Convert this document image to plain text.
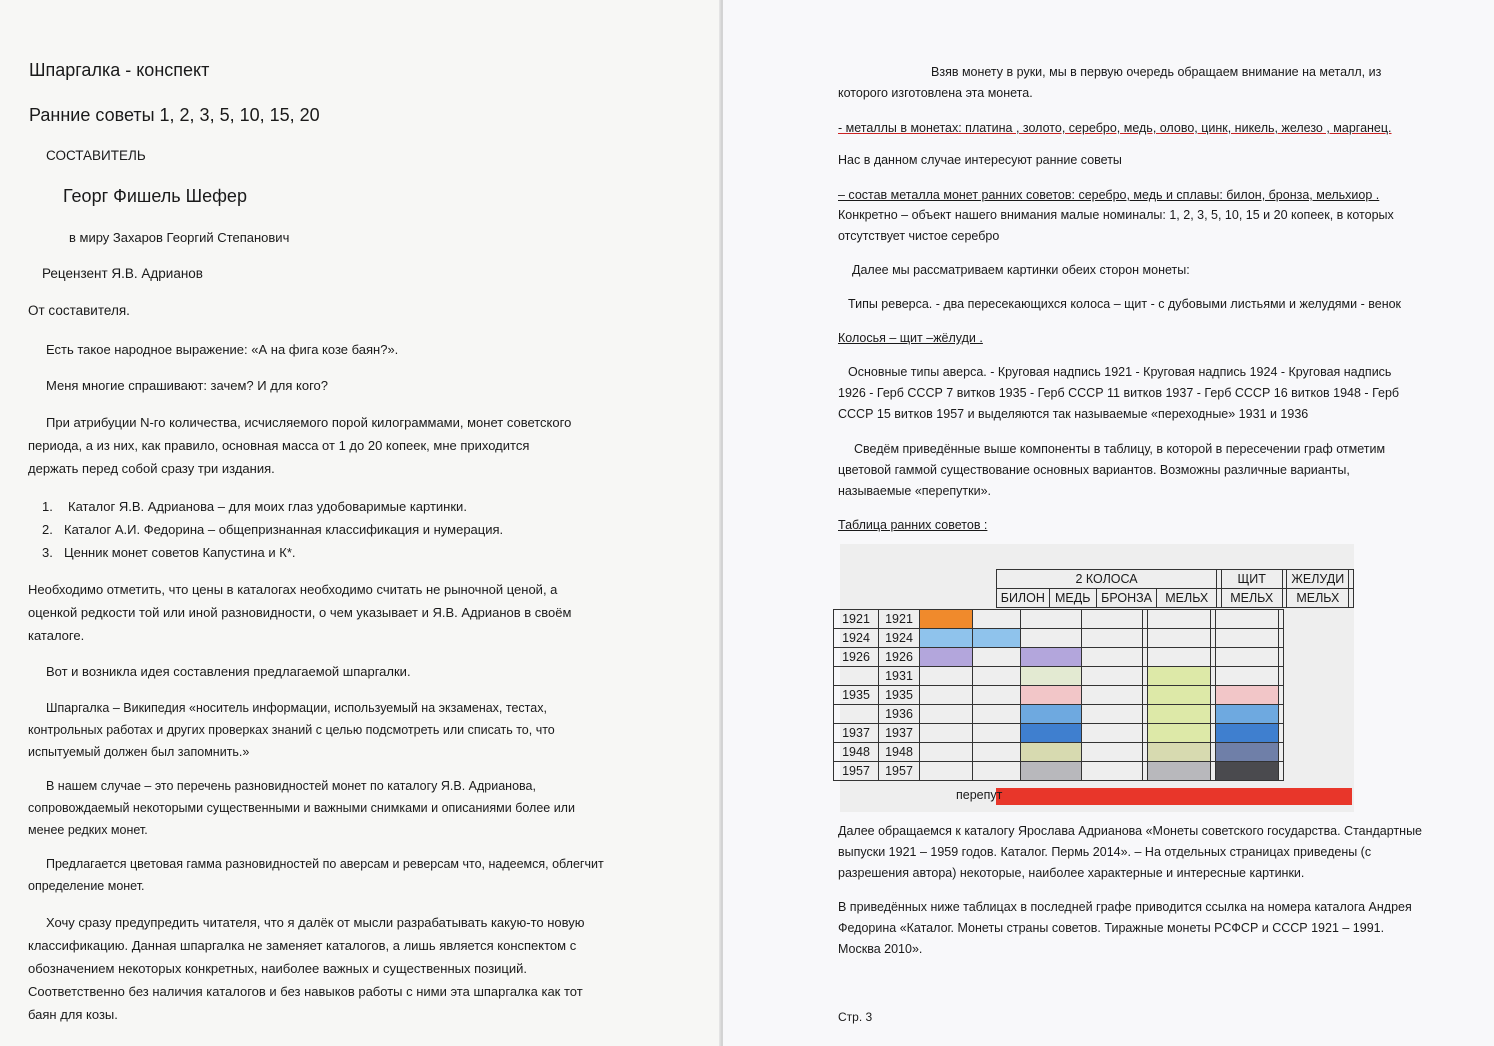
Шпаргалка - конспект
Ранние советы 1, 2, 3, 5, 10, 15, 20
СОСТАВИТЕЛЬ
Георг Фишель Шефер
в миру Захаров Георгий Степанович
Рецензент Я.В. Адрианов
От составителя.
Есть такое народное выражение: «А на фига козе баян?».
Меня многие спрашивают: зачем? И для кого?
При атрибуции N-го количества, исчисляемого порой килограммами, монет советского
периода, а из них, как правило, основная масса от 1 до 20 копеек, мне приходится
держать перед собой сразу три издания.
1. Каталог Я.В. Адрианова – для моих глаз удобоваримые картинки.
2. Каталог А.И. Федорина – общепризнанная классификация и нумерация.
3. Ценник монет советов Капустина и К*.
Необходимо отметить, что цены в каталогах необходимо считать не рыночной ценой, а
оценкой редкости той или иной разновидности, о чем указывает и Я.В. Адрианов в своём
каталоге.
Вот и возникла идея составления предлагаемой шпаргалки.
Шпаргалка – Википедия «носитель информации, используемый на экзаменах, тестах,
контрольных работах и других проверках знаний с целью подсмотреть или списать то, что
испытуемый должен был запомнить.»
В нашем случае – это перечень разновидностей монет по каталогу Я.В. Адрианова,
сопровождаемый некоторыми существенными и важными снимками и описаниями более или
менее редких монет.
Предлагается цветовая гамма разновидностей по аверсам и реверсам что, надеемся, облегчит
определение монет.
Хочу сразу предупредить читателя, что я далёк от мысли разрабатывать какую-то новую
классификацию. Данная шпаргалка не заменяет каталогов, а лишь является конспектом с
обозначением некоторых конкретных, наиболее важных и существенных позиций.
Соответственно без наличия каталогов и без навыков работы с ними эта шпаргалка как тот
баян для козы.
Взяв монету в руки, мы в первую очередь обращаем внимание на металл, из
которого изготовлена эта монета.
- металлы в монетах: платина , золото, серебро, медь, олово, цинк, никель, железо , марганец.
Нас в данном случае интересуют ранние советы
– состав металла монет ранних советов: серебро, медь и сплавы: билон, бронза, мельхиор .
Конкретно – объект нашего внимания малые номиналы: 1, 2, 3, 5, 10, 15 и 20 копеек, в которых
отсутствует чистое серебро
Далее мы рассматриваем картинки обеих сторон монеты:
Типы реверса. - два пересекающихся колоса – щит - с дубовыми листьями и желудями - венок
Колосья – щит –жёлуди .
Основные типы аверса. - Круговая надпись 1921 - Круговая надпись 1924 - Круговая надпись
1926 - Герб СССР 7 витков 1935 - Герб СССР 11 витков 1937 - Герб СССР 16 витков 1948 - Герб
СССР 15 витков 1957 и выделяются так называемые «переходные» 1931 и 1936
Сведём приведённые выше компоненты в таблицу, в которой в пересечении граф отметим
цветовой гаммой существование основных вариантов. Возможны различные варианты,
называемые «перепутки».
Таблица ранних советов :
2 КОЛОСА					ЩИТ		ЖЕЛУДИ	
БИЛОН	МЕДЬ	БРОНЗА	МЕЛЬХ		МЕЛЬХ		МЕЛЬХ	
1921	1921									
1924	1924									
1926	1926									
	1931									
1935	1935									
	1936									
1937	1937									
1948	1948									
1957	1957									
перепут
Далее обращаемся к каталогу Ярослава Адрианова «Монеты советского государства. Стандартные
выпуски 1921 – 1959 годов. Каталог. Пермь 2014». – На отдельных страницах приведены (с
разрешения автора) некоторые, наиболее характерные и интересные картинки.
В приведённых ниже таблицах в последней графе приводится ссылка на номера каталога Андрея
Федорина «Каталог. Монеты страны советов. Тиражные монеты РСФСР и СССР 1921 – 1991.
Москва 2010».
Стр. 3
